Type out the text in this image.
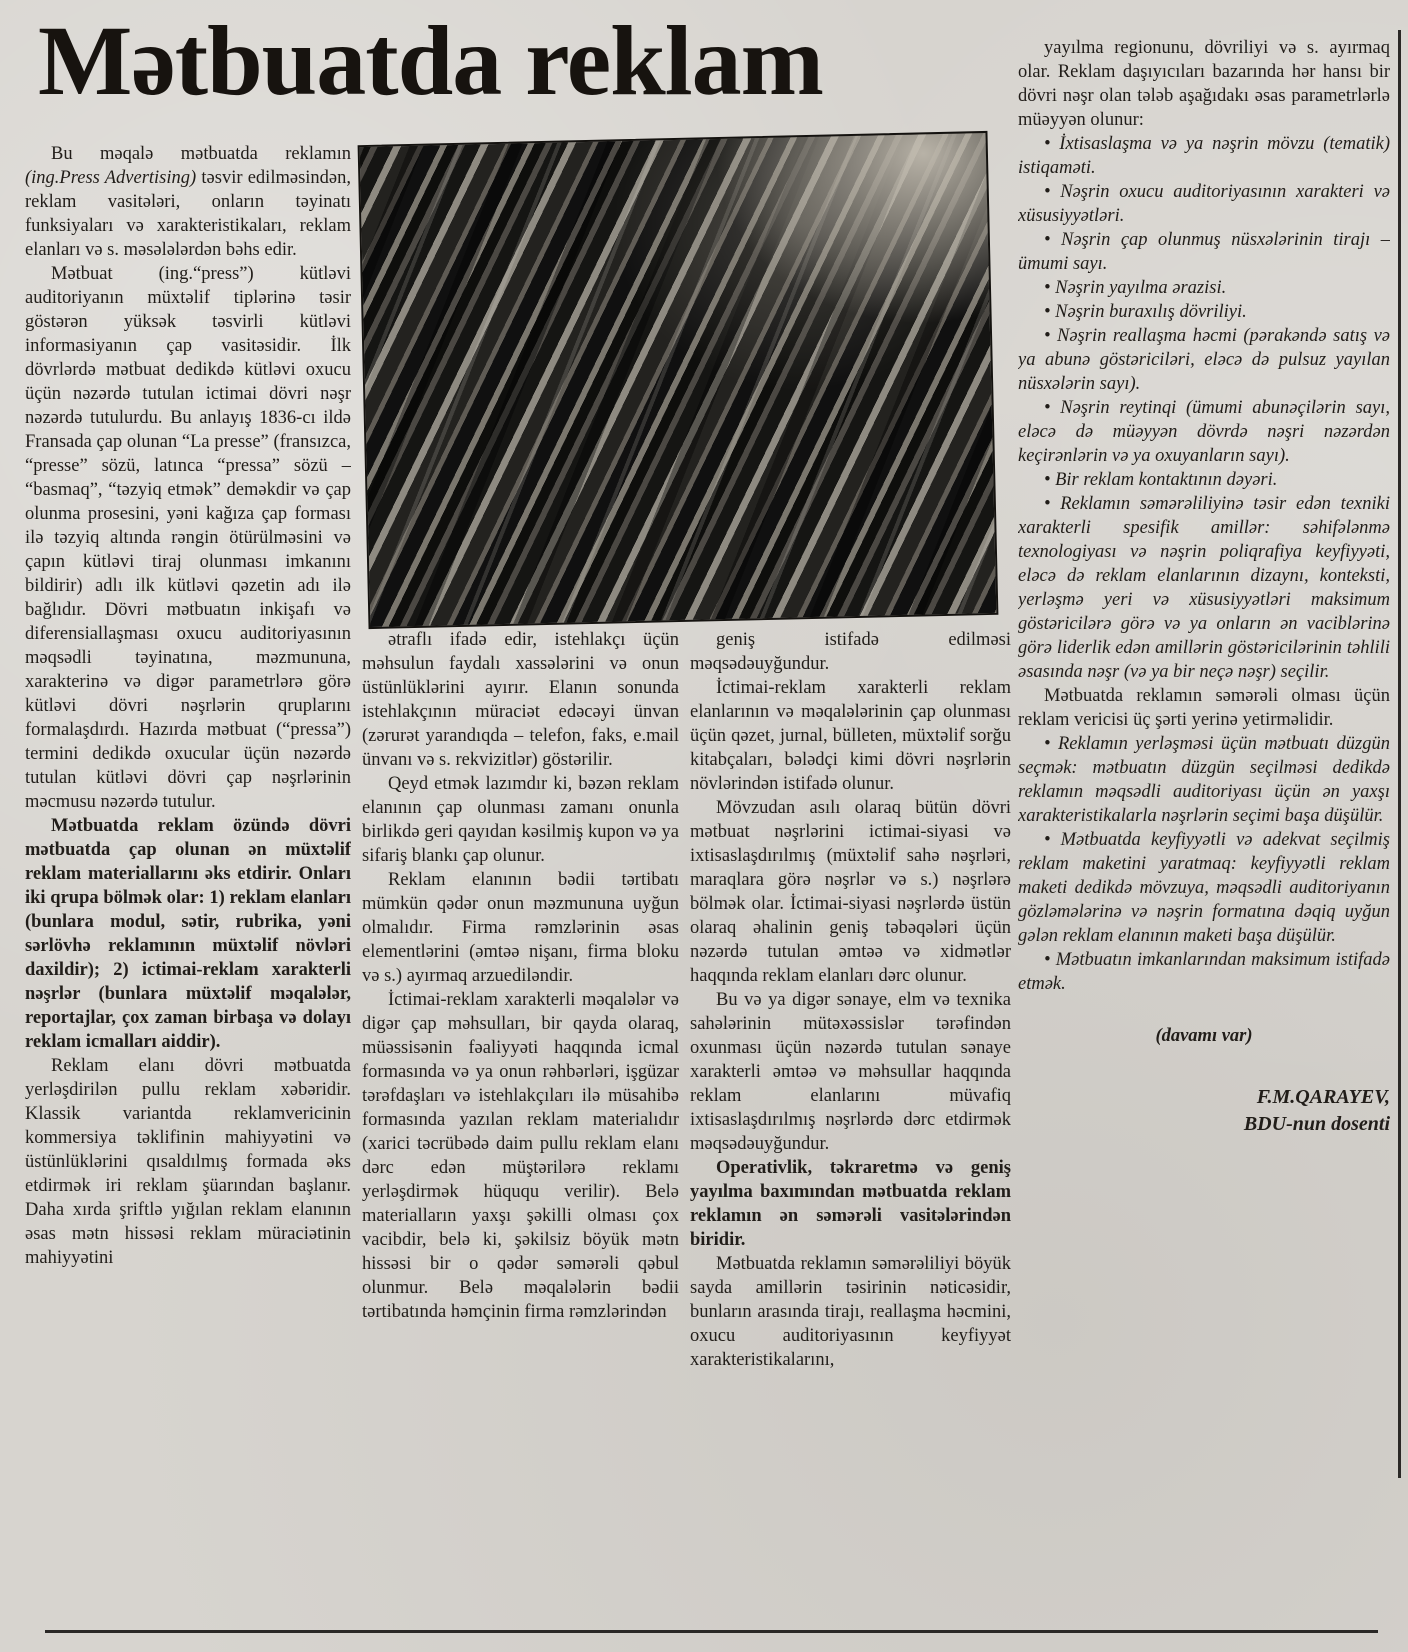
Mətbuatda reklam

Bu məqalə mətbuatda reklamın (ing.Press Advertising) təsvir edilməsindən, reklam vasitələri, onların təyinatı funksiyaları və xarakteristikaları, reklam elanları və s. məsələlərdən bəhs edir.

Mətbuat (ing.“press”) kütləvi auditoriyanın müxtəlif tiplərinə təsir göstərən yüksək təsvirli kütləvi informasiyanın çap vasitəsidir. İlk dövrlərdə mətbuat dedikdə kütləvi oxucu üçün nəzərdə tutulan ictimai dövri nəşr nəzərdə tutulurdu. Bu anlayış 1836-cı ildə Fransada çap olunan “La presse” (fransızca, “presse” sözü, latınca “pressa” sözü – “basmaq”, “təzyiq etmək” deməkdir və çap olunma prosesini, yəni kağıza çap forması ilə təzyiq altında rəngin ötürülməsini və çapın kütləvi tiraj olunması imkanını bildirir) adlı ilk kütləvi qəzetin adı ilə bağlıdır. Dövri mətbuatın inkişafı və diferensiallaşması oxucu auditoriyasının məqsədli təyinatına, məzmununa, xarakterinə və digər parametrlərə görə kütləvi dövri nəşrlərin qruplarını formalaşdırdı. Hazırda mətbuat (“pressa”) termini dedikdə oxucular üçün nəzərdə tutulan kütləvi dövri çap nəşrlərinin məcmusu nəzərdə tutulur.

Mətbuatda reklam özündə dövri mətbuatda çap olunan ən müxtəlif reklam materiallarını əks etdirir. Onları iki qrupa bölmək olar: 1) reklam elanları (bunlara modul, sətir, rubrika, yəni sərlövhə reklamının müxtəlif növləri daxildir); 2) ictimai-reklam xarakterli nəşrlər (bunlara müxtəlif məqalələr, reportajlar, çox zaman birbaşa və dolayı reklam icmalları aiddir).

Reklam elanı dövri mətbuatda yerləşdirilən pullu reklam xəbəridir. Klassik variantda reklamvericinin kommersiya təklifinin mahiyyətini və üstünlüklərini qısaldılmış formada əks etdirmək iri reklam şüarından başlanır. Daha xırda şriftlə yığılan reklam elanının əsas mətn hissəsi reklam müraciətinin mahiyyətini

ətraflı ifadə edir, istehlakçı üçün məhsulun faydalı xassələrini və onun üstünlüklərini ayırır. Elanın sonunda istehlakçının müraciət edəcəyi ünvan (zərurət yarandıqda – telefon, faks, e.mail ünvanı və s. rekvizitlər) göstərilir.

Qeyd etmək lazımdır ki, bəzən reklam elanının çap olunması zamanı onunla birlikdə geri qayıdan kəsilmiş kupon və ya sifariş blankı çap olunur.

Reklam elanının bədii tərtibatı mümkün qədər onun məzmununa uyğun olmalıdır. Firma rəmzlərinin əsas elementlərini (əmtəə nişanı, firma bloku və s.) ayırmaq arzuediləndir.

İctimai-reklam xarakterli məqalələr və digər çap məhsulları, bir qayda olaraq, müəssisənin fəaliyyəti haqqında icmal formasında və ya onun rəhbərləri, işgüzar tərəfdaşları və istehlakçıları ilə müsahibə formasında yazılan reklam materialıdır (xarici təcrübədə daim pullu reklam elanı dərc edən müştərilərə reklamı yerləşdirmək hüququ verilir). Belə materialların yaxşı şəkilli olması çox vacibdir, belə ki, şəkilsiz böyük mətn hissəsi bir o qədər səmərəli qəbul olunmur. Belə məqalələrin bədii tərtibatında həmçinin firma rəmzlərindən

geniş istifadə edilməsi məqsədəuyğundur.

İctimai-reklam xarakterli reklam elanlarının və məqalələrinin çap olunması üçün qəzet, jurnal, bülleten, müxtəlif sorğu kitabçaları, bələdçi kimi dövri nəşrlərin növlərindən istifadə olunur.

Mövzudan asılı olaraq bütün dövri mətbuat nəşrlərini ictimai-siyasi və ixtisaslaşdırılmış (müxtəlif sahə nəşrləri, maraqlara görə nəşrlər və s.) nəşrlərə bölmək olar. İctimai-siyasi nəşrlərdə üstün olaraq əhalinin geniş təbəqələri üçün nəzərdə tutulan əmtəə və xidmətlər haqqında reklam elanları dərc olunur.

Bu və ya digər sənaye, elm və texnika sahələrinin mütəxəssislər tərəfindən oxunması üçün nəzərdə tutulan sənaye xarakterli əmtəə və məhsullar haqqında reklam elanlarını müvafiq ixtisaslaşdırılmış nəşrlərdə dərc etdirmək məqsədəuyğundur.

Operativlik, təkraretmə və geniş yayılma baxımından mətbuatda reklam reklamın ən səmərəli vasitələrindən biridir.

Mətbuatda reklamın səmərəliliyi böyük sayda amillərin təsirinin nəticəsidir, bunların arasında tirajı, reallaşma həcmini, oxucu auditoriyasının keyfiyyət xarakteristikalarını,

yayılma regionunu, dövriliyi və s. ayırmaq olar. Reklam daşıyıcıları bazarında hər hansı bir dövri nəşr olan tələb aşağıdakı əsas parametrlərlə müəyyən olunur:

• İxtisaslaşma və ya nəşrin mövzu (tematik) istiqaməti.

• Nəşrin oxucu auditoriyasının xarakteri və xüsusiyyətləri.

• Nəşrin çap olunmuş nüsxələrinin tirajı – ümumi sayı.

• Nəşrin yayılma ərazisi.

• Nəşrin buraxılış dövriliyi.

• Nəşrin reallaşma həcmi (pərakəndə satış və ya abunə göstəriciləri, eləcə də pulsuz yayılan nüsxələrin sayı).

• Nəşrin reytinqi (ümumi abunəçilərin sayı, eləcə də müəyyən dövrdə nəşri nəzərdən keçirənlərin və ya oxuyanların sayı).

• Bir reklam kontaktının dəyəri.

• Reklamın səmərəliliyinə təsir edən texniki xarakterli spesifik amillər: səhifələnmə texnologiyası və nəşrin poliqrafiya keyfiyyəti, eləcə də reklam elanlarının dizaynı, konteksti, yerləşmə yeri və xüsusiyyətləri maksimum göstəricilərə görə və ya onların ən vaciblərinə görə liderlik edən amillərin göstəricilərinin təhlili əsasında nəşr (və ya bir neçə nəşr) seçilir.

Mətbuatda reklamın səmərəli olması üçün reklam vericisi üç şərti yerinə yetirməlidir.

• Reklamın yerləşməsi üçün mətbuatı düzgün seçmək: mətbuatın düzgün seçilməsi dedikdə reklamın məqsədli auditoriyası üçün ən yaxşı xarakteristikalarla nəşrlərin seçimi başa düşülür.

• Mətbuatda keyfiyyətli və adekvat seçilmiş reklam maketini yaratmaq: keyfiyyətli reklam maketi dedikdə mövzuya, məqsədli auditoriyanın gözləmələrinə və nəşrin formatına dəqiq uyğun gələn reklam elanının maketi başa düşülür.

• Mətbuatın imkanlarından maksimum istifadə etmək.

(davamı var)

F.M.QARAYEV,
BDU-nun dosenti
